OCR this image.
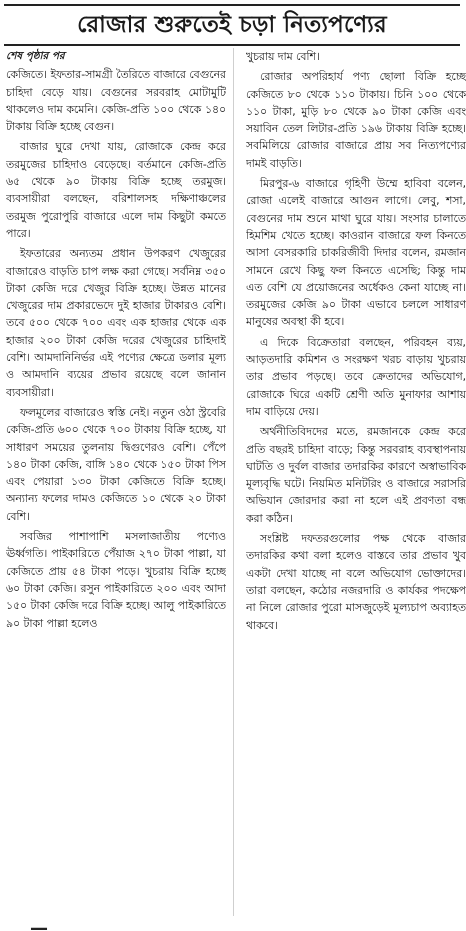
রোজার শুরুতেই চড়া নিত্যপণ্যের
শেষ পৃষ্ঠার পর

কেজিতে। ইফতার-সামগ্রী তৈরিতে বাজারে বেগুনের চাহিদা বেড়ে যায়। বেগুনের সরবরাহ মোটামুটি থাকলেও দাম কমেনি। কেজি-প্রতি ১০০ থেকে ১৪০ টাকায় বিক্রি হচ্ছে বেগুন।

বাজার ঘুরে দেখা যায়, রোজাকে কেন্দ্র করে তরমুজের চাহিদাও বেড়েছে। বর্তমানে কেজি-প্রতি ৬৫ থেকে ৯০ টাকায় বিক্রি হচ্ছে তরমুজ। ব্যবসায়ীরা বলছেন, বরিশালসহ দক্ষিণাঞ্চলের তরমুজ পুরোপুরি বাজারে এলে দাম কিছুটা কমতে পারে।

ইফতারের অন্যতম প্রধান উপকরণ খেজুরের বাজারেও বাড়তি চাপ লক্ষ করা গেছে। সর্বনিম্ন ৩৫০ টাকা কেজি দরে খেজুর বিক্রি হচ্ছে। উন্নত মানের খেজুরের দাম প্রকারভেদে দুই হাজার টাকারও বেশি। তবে ৫০০ থেকে ৭০০ এবং এক হাজার থেকে এক হাজার ২০০ টাকা কেজি দরের খেজুরের চাহিদাই বেশি। আমদানিনির্ভর এই পণ্যের ক্ষেত্রে ডলার মূল্য ও আমদানি ব্যয়ের প্রভাব রয়েছে বলে জানান ব্যবসায়ীরা।

ফলমূলের বাজারেও স্বস্তি নেই। নতুন ওঠা স্ট্রবেরি কেজি-প্রতি ৬০০ থেকে ৭০০ টাকায় বিক্রি হচ্ছে, যা সাধারণ সময়ের তুলনায় দ্বিগুণেরও বেশি। পেঁপে ১৪০ টাকা কেজি, বাঙ্গি ১৪০ থেকে ১৫০ টাকা পিস এবং পেয়ারা ১৩০ টাকা কেজিতে বিক্রি হচ্ছে। অন্যান্য ফলের দামও কেজিতে ১০ থেকে ২০ টাকা বেশি।

সবজির পাশাপাশি মসলাজাতীয় পণ্যেও ঊর্ধ্বগতি। পাইকারিতে পেঁয়াজ ২৭০ টাকা পাল্লা, যা কেজিতে প্রায় ৫৪ টাকা পড়ে। খুচরায় বিক্রি হচ্ছে ৬০ টাকা কেজি। রসুন পাইকারিতে ২০০ এবং আদা ১৫০ টাকা কেজি দরে বিক্রি হচ্ছে। আলু পাইকারিতে ৯০ টাকা পাল্লা হলেও

খুচরায় দাম বেশি।

রোজার অপরিহার্য পণ্য ছোলা বিক্রি হচ্ছে কেজিতে ৮০ থেকে ১১০ টাকায়। চিনি ১০০ থেকে ১১০ টাকা, মুড়ি ৮০ থেকে ৯০ টাকা কেজি এবং সয়াবিন তেল লিটার-প্রতি ১৯৬ টাকায় বিক্রি হচ্ছে। সবমিলিয়ে রোজার বাজারে প্রায় সব নিত্যপণ্যের দামই বাড়তি।

মিরপুর-৬ বাজারে গৃহিণী উম্মে হাবিবা বলেন, রোজা এলেই বাজারে আগুন লাগে। লেবু, শসা, বেগুনের দাম শুনে মাথা ঘুরে যায়। সংসার চালাতে হিমশিম খেতে হচ্ছে। কাওরান বাজারে ফল কিনতে আসা বেসরকারি চাকরিজীবী দিদার বলেন, রমজান সামনে রেখে কিছু ফল কিনতে এসেছি; কিন্তু দাম এত বেশি যে প্রয়োজনের অর্ধেকও কেনা যাচ্ছে না। তরমুজের কেজি ৯০ টাকা এভাবে চললে সাধারণ মানুষের অবস্থা কী হবে।

এ দিকে বিক্রেতারা বলছেন, পরিবহন ব্যয়, আড়তদারি কমিশন ও সংরক্ষণ খরচ বাড়ায় খুচরায় তার প্রভাব পড়ছে। তবে ক্রেতাদের অভিযোগ, রোজাকে ঘিরে একটি শ্রেণী অতি মুনাফার আশায় দাম বাড়িয়ে দেয়।

অর্থনীতিবিদদের মতে, রমজানকে কেন্দ্র করে প্রতি বছরই চাহিদা বাড়ে; কিন্তু সরবরাহ ব্যবস্থাপনায় ঘাটতি ও দুর্বল বাজার তদারকির কারণে অস্বাভাবিক মূল্যবৃদ্ধি ঘটে। নিয়মিত মনিটরিং ও বাজারে সরাসরি অভিযান জোরদার করা না হলে এই প্রবণতা বন্ধ করা কঠিন।

সংশ্লিষ্ট দফতরগুলোর পক্ষ থেকে বাজার তদারকির কথা বলা হলেও বাস্তবে তার প্রভাব খুব একটা দেখা যাচ্ছে না বলে অভিযোগ ভোক্তাদের। তারা বলছেন, কঠোর নজরদারি ও কার্যকর পদক্ষেপ না নিলে রোজার পুরো মাসজুড়েই মূল্যচাপ অব্যাহত থাকবে।

—
